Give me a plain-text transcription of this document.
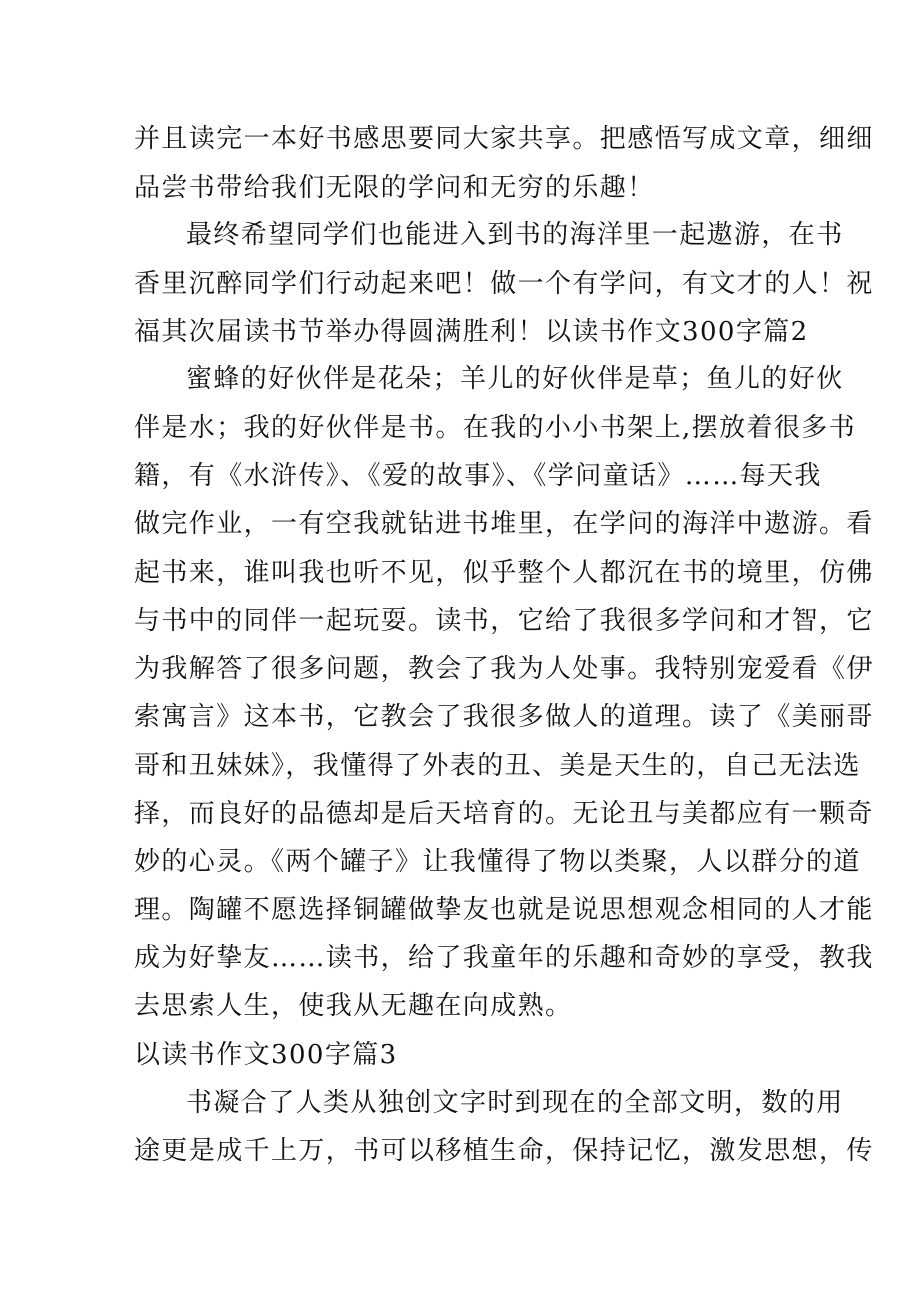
并且读完一本好书感思要同大家共享。把感悟写成文章，细细
品尝书带给我们无限的学问和无穷的乐趣！
最终希望同学们也能进入到书的海洋里一起遨游，在书
香里沉醉同学们行动起来吧！做一个有学问，有文才的人！祝
福其次届读书节举办得圆满胜利！以读书作文300字篇2
蜜蜂的好伙伴是花朵；羊儿的好伙伴是草；鱼儿的好伙
伴是水；我的好伙伴是书。在我的小小书架上,摆放着很多书
籍，有《水浒传》、《爱的故事》、《学问童话》……每天我
做完作业，一有空我就钻进书堆里，在学问的海洋中遨游。看
起书来，谁叫我也听不见，似乎整个人都沉在书的境里，仿佛
与书中的同伴一起玩耍。读书，它给了我很多学问和才智，它
为我解答了很多问题，教会了我为人处事。我特别宠爱看《伊
索寓言》这本书，它教会了我很多做人的道理。读了《美丽哥
哥和丑妹妹》，我懂得了外表的丑、美是天生的，自己无法选
择，而良好的品德却是后天培育的。无论丑与美都应有一颗奇
妙的心灵。《两个罐子》让我懂得了物以类聚，人以群分的道
理。陶罐不愿选择铜罐做挚友也就是说思想观念相同的人才能
成为好挚友……读书，给了我童年的乐趣和奇妙的享受，教我
去思索人生，使我从无趣在向成熟。
以读书作文300字篇3
书凝合了人类从独创文字时到现在的全部文明，数的用
途更是成千上万，书可以移植生命，保持记忆，激发思想，传
